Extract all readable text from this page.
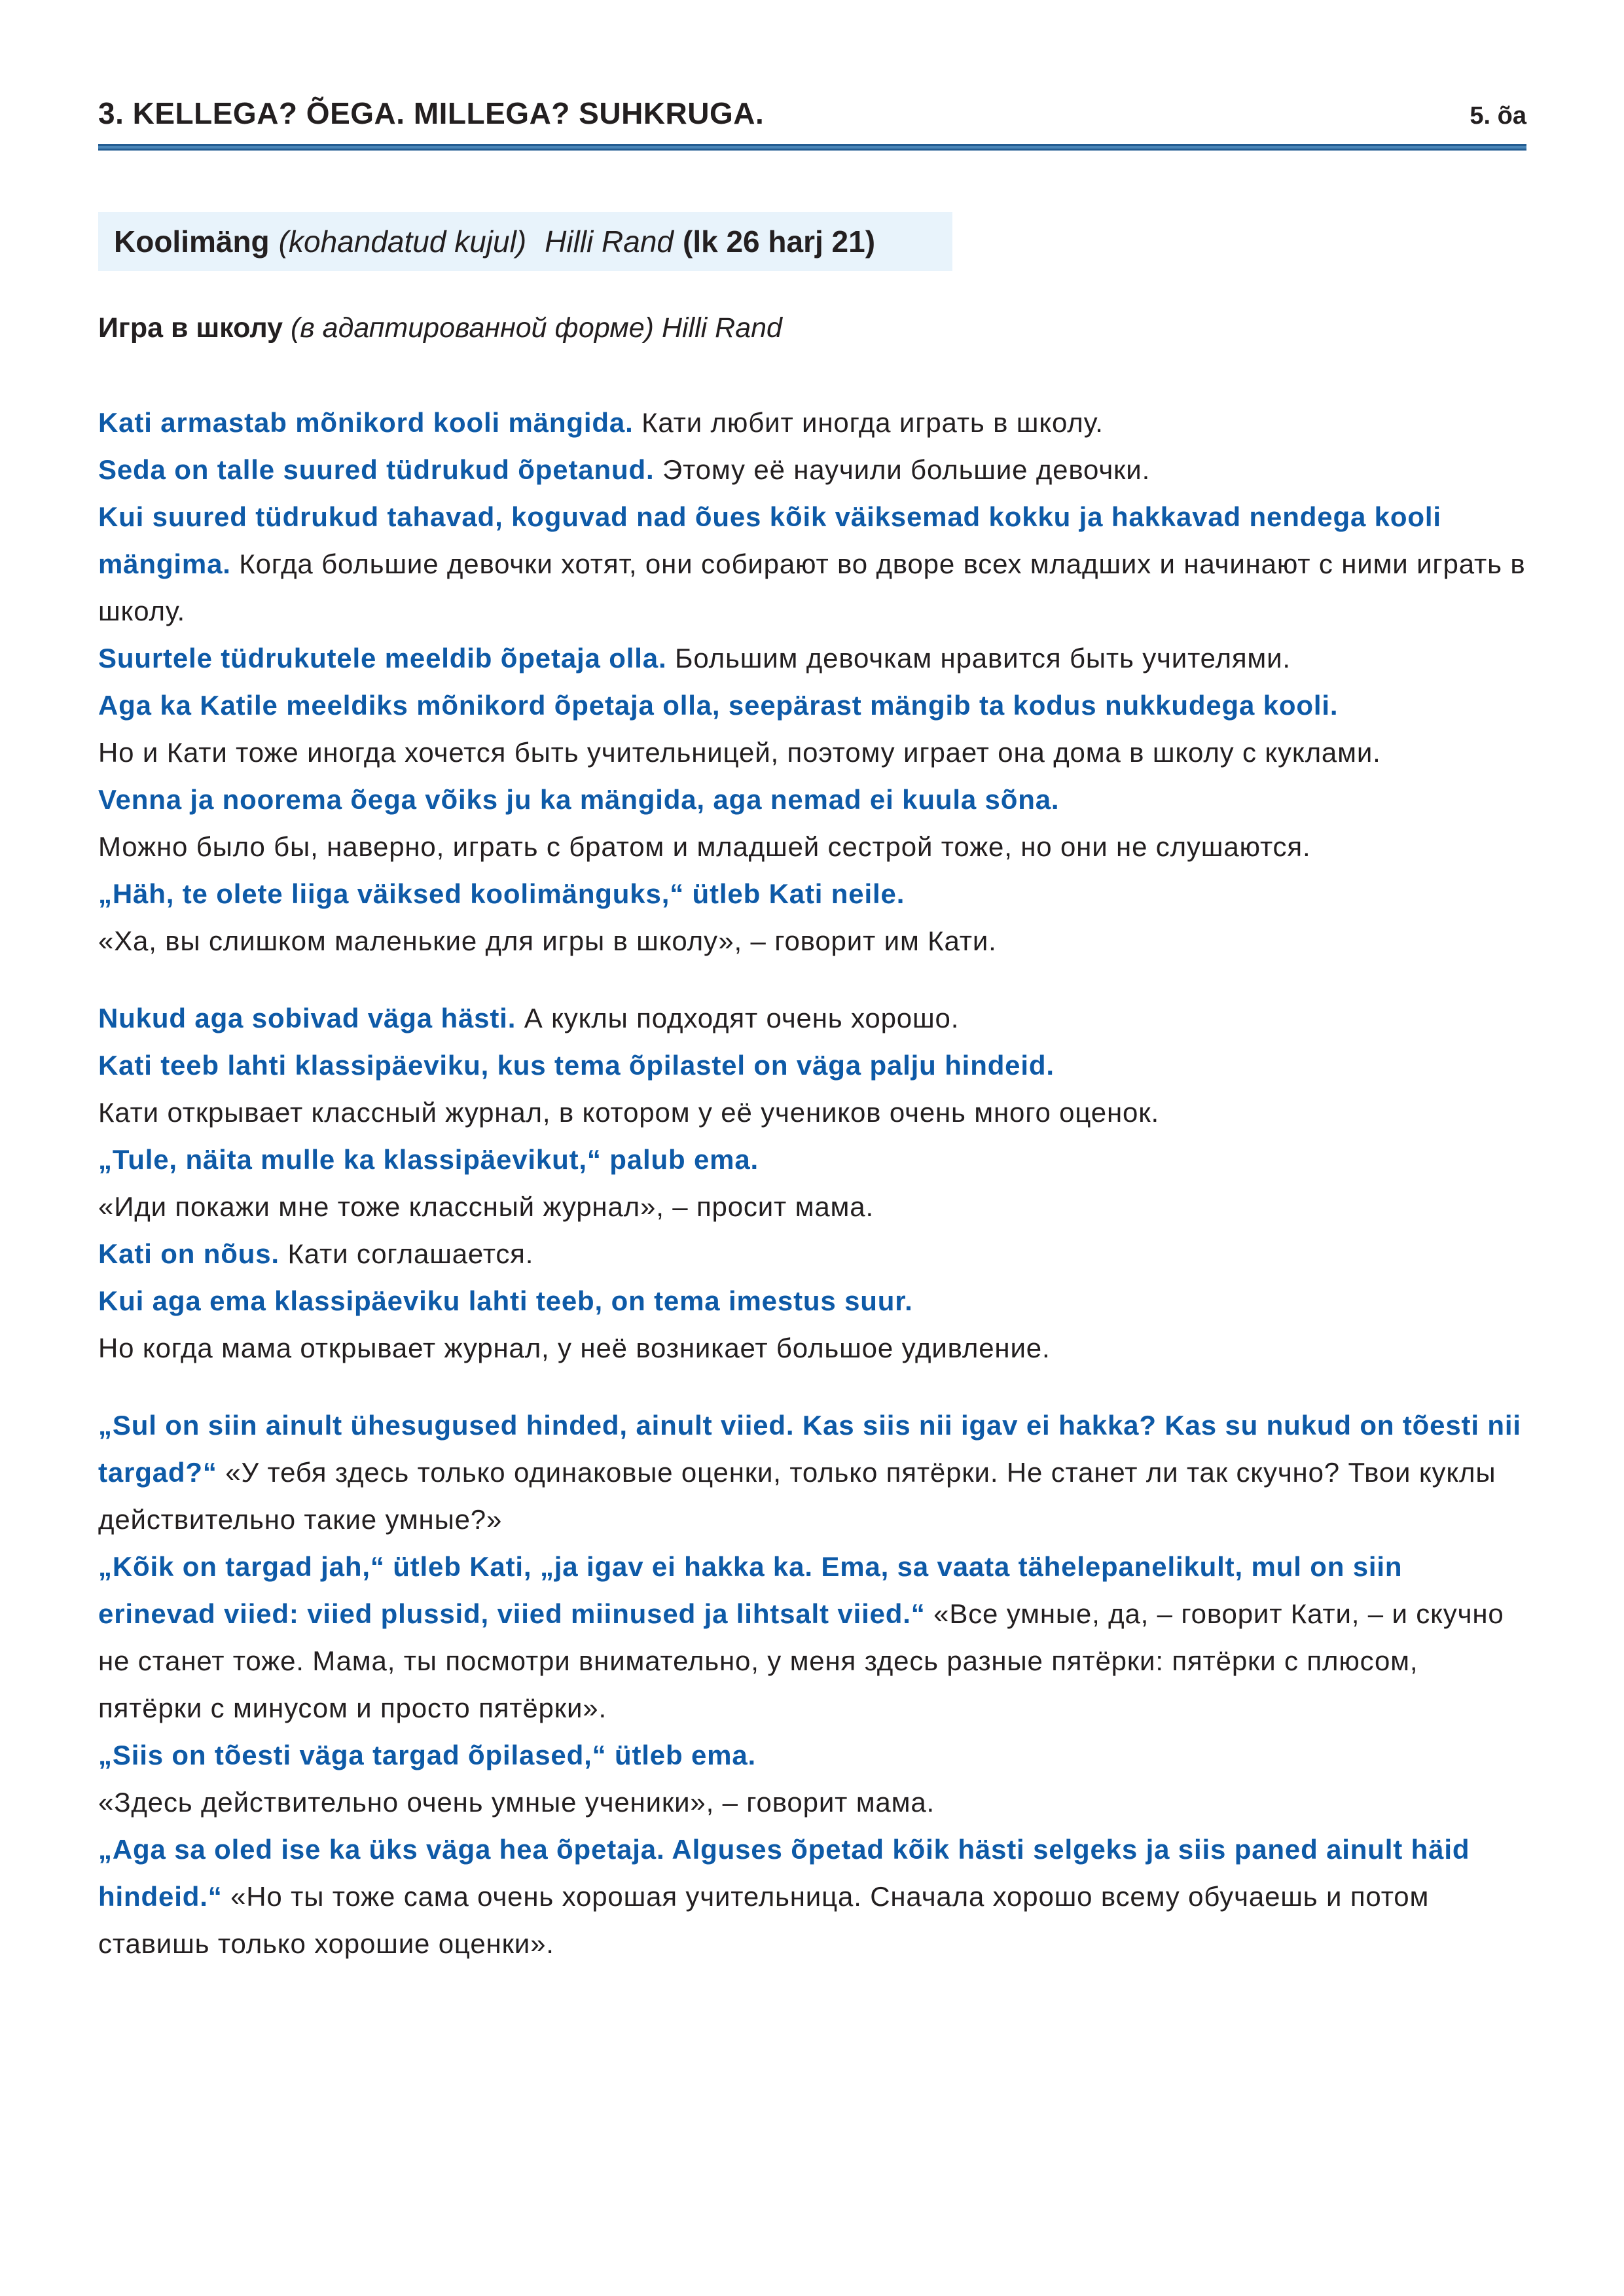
3. KELLEGA? ÕEGA. MILLEGA? SUHKRUGA.	5. õa
Koolimäng (kohandatud kujul) Hilli Rand (lk 26 harj 21)
Игра в школу (в адаптированной форме) Hilli Rand

Kati armastab mõnikord kooli mängida. Кати любит иногда играть в школу.

Seda on talle suured tüdrukud õpetanud. Этому её научили большие девочки.

Kui suured tüdrukud tahavad, koguvad nad õues kõik väiksemad kokku ja hakkavad nendega kooli mängima. Когда большие девочки хотят, они собирают во дворе всех младших и начинают с ними играть в школу.

Suurtele tüdrukutele meeldib õpetaja olla. Большим девочкам нравится быть учителями.

Aga ka Katile meeldiks mõnikord õpetaja olla, seepärast mängib ta kodus nukkudega kooli.
Но и Кати тоже иногда хочется быть учительницей, поэтому играет она дома в школу с куклами.

Venna ja noorema õega võiks ju ka mängida, aga nemad ei kuula sõna.
Можно было бы, наверно, играть с братом и младшей сестрой тоже, но они не слушаются.

„Häh, te olete liiga väiksed koolimänguks,“ ütleb Kati neile.
«Ха, вы слишком маленькие для игры в школу», – говорит им Кати.

Nukud aga sobivad väga hästi. А куклы подходят очень хорошо.

Kati teeb lahti klassipäeviku, kus tema õpilastel on väga palju hindeid.
Кати открывает классный журнал, в котором у её учеников очень много оценок.

„Tule, näita mulle ka klassipäevikut,“ palub ema.
«Иди покажи мне тоже классный журнал», – просит мама.

Kati on nõus. Кати соглашается.

Kui aga ema klassipäeviku lahti teeb, on tema imestus suur.
Но когда мама открывает журнал, у неё возникает большое удивление.

„Sul on siin ainult ühesugused hinded, ainult viied. Kas siis nii igav ei hakka? Kas su nukud on tõesti nii targad?“ «У тебя здесь только одинаковые оценки, только пятёрки. Не станет ли так скучно? Твои куклы действительно такие умные?»

„Kõik on targad jah,“ ütleb Kati, „ja igav ei hakka ka. Ema, sa vaata tähelepanelikult, mul on siin erinevad viied: viied plussid, viied miinused ja lihtsalt viied.“ «Все умные, да, – говорит Кати, – и скучно не станет тоже. Мама, ты посмотри внимательно, у меня здесь разные пятёрки: пятёрки с плюсом, пятёрки с минусом и просто пятёрки».

„Siis on tõesti väga targad õpilased,“ ütleb ema.
«Здесь действительно очень умные ученики», – говорит мама.

„Aga sa oled ise ka üks väga hea õpetaja. Alguses õpetad kõik hästi selgeks ja siis paned ainult häid hindeid.“ «Но ты тоже сама очень хорошая учительница. Сначала хорошо всему обучаешь и потом ставишь только хорошие оценки».
